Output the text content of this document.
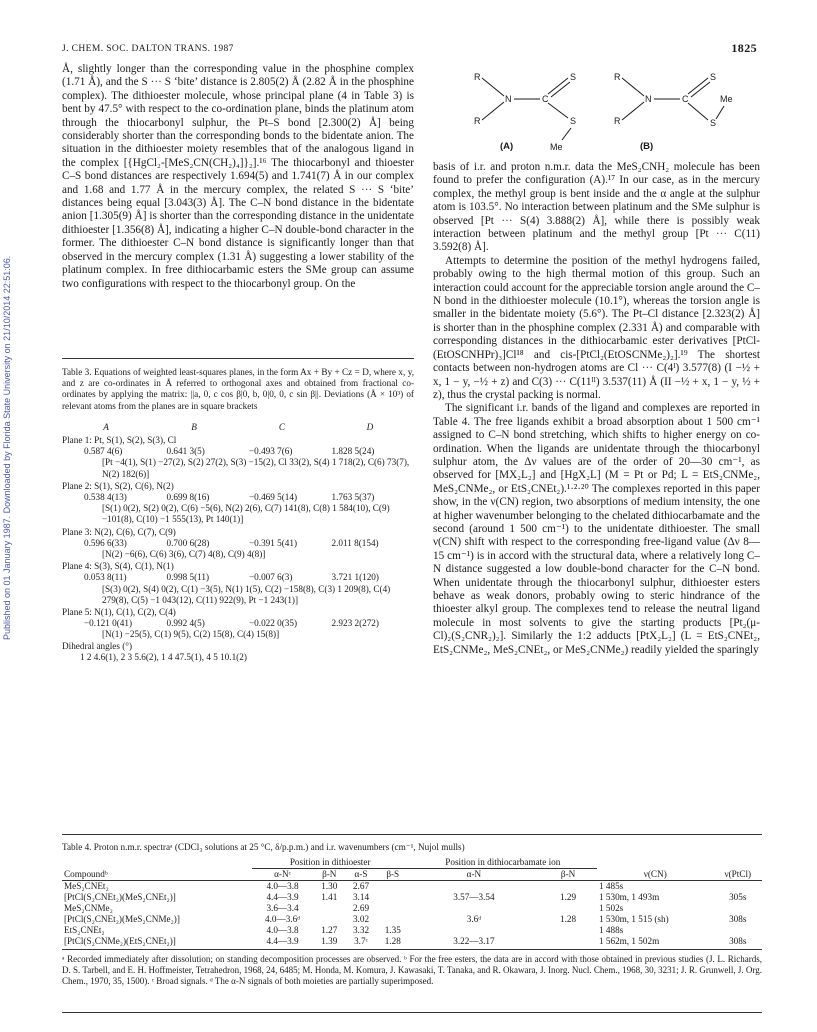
J. CHEM. SOC. DALTON TRANS. 1987	1825
Published on 01 January 1987. Downloaded by Florida State University on 21/10/2014 22:51:06.

Å, slightly longer than the corresponding value in the phosphine complex (1.71 Å), and the S ··· S ‘bite’ distance is 2.805(2) Å (2.82 Å in the phosphine complex). The dithioester molecule, whose principal plane (4 in Table 3) is bent by 47.5° with respect to the co-ordination plane, binds the platinum atom through the thiocarbonyl sulphur, the Pt–S bond [2.300(2) Å] being considerably shorter than the corresponding bonds to the bidentate anion. The situation in the dithioester moiety resembles that of the analogous ligand in the complex [{HgCl₂-[MeS₂CN(CH₂)₄]}₂].¹⁶ The thiocarbonyl and thioester C–S bond distances are respectively 1.694(5) and 1.741(7) Å in our complex and 1.68 and 1.77 Å in the mercury complex, the related S ··· S ‘bite’ distances being equal [3.043(3) Å]. The C–N bond distance in the bidentate anion [1.305(9) Å] is shorter than the corresponding distance in the unidentate dithioester [1.356(8) Å], indicating a higher C–N double-bond character in the former. The dithioester C–N bond distance is significantly longer than that observed in the mercury complex (1.31 Å) suggesting a lower stability of the platinum complex. In free dithiocarbamic esters the SMe group can assume two configurations with respect to the thiocarbonyl group. On the

R
R
N	C
S
S
Me
R
R
N	C
S
S
Me
(A)	(B)

basis of i.r. and proton n.m.r. data the MeS₂CNH₂ molecule has been found to prefer the configuration (A).¹⁷ In our case, as in the mercury complex, the methyl group is bent inside and the α angle at the sulphur atom is 103.5°. No interaction between platinum and the SMe sulphur is observed [Pt ··· S(4) 3.888(2) Å], while there is possibly weak interaction between platinum and the methyl group [Pt ··· C(11) 3.592(8) Å].

Attempts to determine the position of the methyl hydrogens failed, probably owing to the high thermal motion of this group. Such an interaction could account for the appreciable torsion angle around the C–N bond in the dithioester molecule (10.1°), whereas the torsion angle is smaller in the bidentate moiety (5.6°). The Pt–Cl distance [2.323(2) Å] is shorter than in the phosphine complex (2.331 Å) and comparable with corresponding distances in the dithiocarbamic ester derivatives [PtCl-(EtOSCNHPr)₃]Cl¹⁸ and cis-[PtCl₂(EtOSCNMe₂)₂].¹⁹ The shortest contacts between non-hydrogen atoms are Cl ··· C(4ᴵ) 3.577(8) (I −½ + x, 1 − y, −½ + z) and C(3) ··· C(11ᴵᴵ) 3.537(11) Å (II −½ + x, 1 − y, ½ + z), thus the crystal packing is normal.

The significant i.r. bands of the ligand and complexes are reported in Table 4. The free ligands exhibit a broad absorption about 1 500 cm⁻¹ assigned to C–N bond stretching, which shifts to higher energy on co-ordination. When the ligands are unidentate through the thiocarbonyl sulphur atom, the Δν values are of the order of 20—30 cm⁻¹, as observed for [MX₂L₂] and [HgX₂L] (M = Pt or Pd; L = EtS₂CNMe₂, MeS₂CNMe₂, or EtS₂CNEt₂).¹·²·²⁰ The complexes reported in this paper show, in the ν(CN) region, two absorptions of medium intensity, the one at higher wavenumber belonging to the chelated dithiocarbamate and the second (around 1 500 cm⁻¹) to the unidentate dithioester. The small ν(CN) shift with respect to the corresponding free-ligand value (Δν 8—15 cm⁻¹) is in accord with the structural data, where a relatively long C–N distance suggested a low double-bond character for the C–N bond. When unidentate through the thiocarbonyl sulphur, dithioester esters behave as weak donors, probably owing to steric hindrance of the thioester alkyl group. The complexes tend to release the neutral ligand molecule in most solvents to give the starting products [Pt₂(μ-Cl)₂(S₂CNR₂)₂]. Similarly the 1:2 adducts [PtX₂L₂] (L = EtS₂CNEt₂, EtS₂CNMe₂, MeS₂CNEt₂, or MeS₂CNMe₂) readily yielded the sparingly

Table 3. Equations of weighted least-squares planes, in the form Ax + By + Cz = D, where x, y, and z are co-ordinates in Å referred to orthogonal axes and obtained from fractional co-ordinates by applying the matrix: ||a, 0, c cos β|0, b, 0|0, 0, c sin β||. Deviations (Å × 10³) of relevant atoms from the planes are in square brackets
A	B	C	D
Plane 1: Pt, S(1), S(2), S(3), Cl
0.587 4(6)	0.641 3(5)	−0.493 7(6)	1.828 5(24)
[Pt −4(1), S(1) −27(2), S(2) 27(2), S(3) −15(2), Cl 33(2), S(4) 1 718(2), C(6) 73(7), N(2) 182(6)]
Plane 2: S(1), S(2), C(6), N(2)
0.538 4(13)	0.699 8(16)	−0.469 5(14)	1.763 5(37)
[S(1) 0(2), S(2) 0(2), C(6) −5(6), N(2) 2(6), C(7) 141(8), C(8) 1 584(10), C(9) −101(8), C(10) −1 555(13), Pt 140(1)]
Plane 3: N(2), C(6), C(7), C(9)
0.596 6(33)	0.700 6(28)	−0.391 5(41)	2.011 8(154)
[N(2) −6(6), C(6) 3(6), C(7) 4(8), C(9) 4(8)]
Plane 4: S(3), S(4), C(1), N(1)
0.053 8(11)	0.998 5(11)	−0.007 6(3)	3.721 1(120)
[S(3) 0(2), S(4) 0(2), C(1) −3(5), N(1) 1(5), C(2) −158(8), C(3) 1 209(8), C(4) 279(8), C(5) −1 043(12), C(11) 922(9), Pt −1 243(1)]
Plane 5: N(1), C(1), C(2), C(4)
−0.121 0(41)	0.992 4(5)	−0.022 0(35)	2.923 2(272)
[N(1) −25(5), C(1) 9(5), C(2) 15(8), C(4) 15(8)]
Dihedral angles (°)
1 2 4.6(1), 2 3 5.6(2), 1 4 47.5(1), 4 5 10.1(2)
Table 4. Proton n.m.r. spectraᵃ (CDCl₃ solutions at 25 °C, δ/p.p.m.) and i.r. wavenumbers (cm⁻¹, Nujol mulls)
	Position in dithioester				Position in dithiocarbamate ion			
Compoundᵇ	α-Nᶜ	β-N	α-S	β-S	α-N	β-N	ν(CN)	ν(PtCl)
MeS₂CNEt₂	4.0—3.8	1.30	2.67				1 485s	
[PtCl(S₂CNEt₂)(MeS₂CNEt₂)]	4.4—3.9	1.41	3.14		3.57—3.54	1.29	1 530m, 1 493m	305s
MeS₂CNMe₂	3.6—3.4		2.69				1 502s	
[PtCl(S₂CNEt₂)(MeS₂CNMe₂)]	4.0—3.6ᵈ		3.02		3.6ᵈ	1.28	1 530m, 1 515 (sh)	308s
EtS₂CNEt₂	4.0—3.8	1.27	3.32	1.35			1 488s	
[PtCl(S₂CNMe₂)(EtS₂CNEt₂)]	4.4—3.9	1.39	3.7ᶜ	1.28	3.22—3.17		1 562m, 1 502m	308s
ᵃ Recorded immediately after dissolution; on standing decomposition processes are observed. ᵇ For the free esters, the data are in accord with those obtained in previous studies (J. L. Richards, D. S. Tarbell, and E. H. Hoffmeister, Tetrahedron, 1968, 24, 6485; M. Honda, M. Komura, J. Kawasaki, T. Tanaka, and R. Okawara, J. Inorg. Nucl. Chem., 1968, 30, 3231; J. R. Grunwell, J. Org. Chem., 1970, 35, 1500). ᶜ Broad signals. ᵈ The α-N signals of both moieties are partially superimposed.
